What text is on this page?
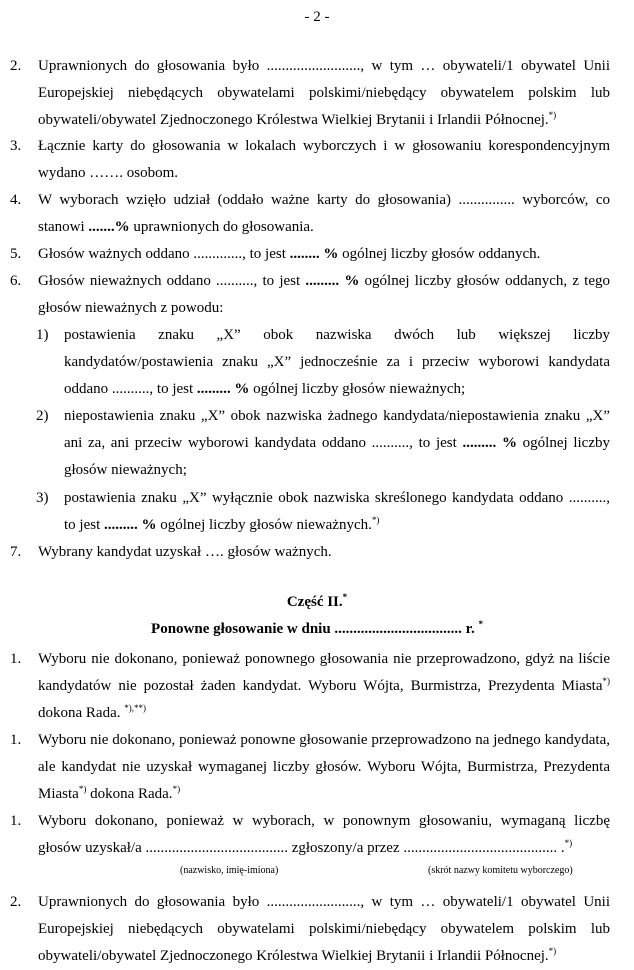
- 2 -
2. Uprawnionych do głosowania było ........................., w tym … obywateli/1 obywatel Unii Europejskiej niebędących obywatelami polskimi/niebędący obywatelem polskim lub obywateli/obywatel Zjednoczonego Królestwa Wielkiej Brytanii i Irlandii Północnej.*)
3. Łącznie karty do głosowania w lokalach wyborczych i w głosowaniu korespondencyjnym wydano ……. osobom.
4. W wyborach wzięło udział (oddało ważne karty do głosowania) ............... wyborców, co stanowi .......% uprawnionych do głosowania.
5. Głosów ważnych oddano ............., to jest ........ % ogólnej liczby głosów oddanych.
6. Głosów nieważnych oddano .........., to jest ......... % ogólnej liczby głosów oddanych, z tego głosów nieważnych z powodu:
1) postawienia znaku „X” obok nazwiska dwóch lub większej liczby kandydatów/postawienia znaku „X” jednocześnie za i przeciw wyborowi kandydata oddano .........., to jest ......... % ogólnej liczby głosów nieważnych;
2) niepostawienia znaku „X” obok nazwiska żadnego kandydata/niepostawienia znaku „X” ani za, ani przeciw wyborowi kandydata oddano .........., to jest ......... % ogólnej liczby głosów nieważnych;
3) postawienia znaku „X” wyłącznie obok nazwiska skreślonego kandydata oddano .........., to jest ......... % ogólnej liczby głosów nieważnych.*)
7. Wybrany kandydat uzyskał …. głosów ważnych.
Część II.*
Ponowne głosowanie w dniu .................................. r. *
1. Wyboru nie dokonano, ponieważ ponownego głosowania nie przeprowadzono, gdyż na liście kandydatów nie pozostał żaden kandydat. Wyboru Wójta, Burmistrza, Prezydenta Miasta*) dokona Rada. *),**)
1. Wyboru nie dokonano, ponieważ ponowne głosowanie przeprowadzono na jednego kandydata, ale kandydat nie uzyskał wymaganej liczby głosów. Wyboru Wójta, Burmistrza, Prezydenta Miasta*) dokona Rada.*)
1. Wyboru dokonano, ponieważ w wyborach, w ponownym głosowaniu, wymaganą liczbę głosów uzyskał/a ...................................... zgłoszony/a przez ......................................... .*)
(nazwisko, imię-imiona)	(skrót nazwy komitetu wyborczego)
2. Uprawnionych do głosowania było ........................., w tym … obywateli/1 obywatel Unii Europejskiej niebędących obywatelami polskimi/niebędący obywatelem polskim lub obywateli/obywatel Zjednoczonego Królestwa Wielkiej Brytanii i Irlandii Północnej.*)
